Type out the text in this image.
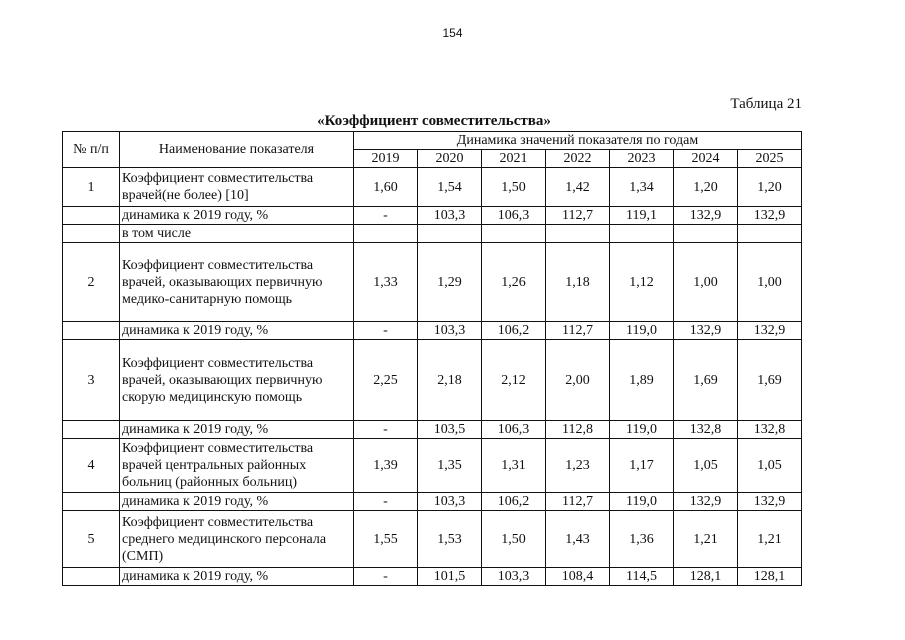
154
Таблица 21
«Коэффициент совместительства»
№ п/п	Наименование показателя	Динамика значений показателя по годам						
		2019	2020	2021	2022	2023	2024	2025
1	Коэффициент совместительства врачей(не более) [10]	1,60	1,54	1,50	1,42	1,34	1,20	1,20
	динамика к 2019 году, %	-	103,3	106,3	112,7	119,1	132,9	132,9
	в том числе							
2	Коэффициент совместительства врачей, оказывающих первичную медико-санитарную помощь	1,33	1,29	1,26	1,18	1,12	1,00	1,00
	динамика к 2019 году, %	-	103,3	106,2	112,7	119,0	132,9	132,9
3	Коэффициент совместительства врачей, оказывающих первичную скорую медицинскую помощь	2,25	2,18	2,12	2,00	1,89	1,69	1,69
	динамика к 2019 году, %	-	103,5	106,3	112,8	119,0	132,8	132,8
4	Коэффициент совместительства врачей центральных районных больниц (районных больниц)	1,39	1,35	1,31	1,23	1,17	1,05	1,05
	динамика к 2019 году, %	-	103,3	106,2	112,7	119,0	132,9	132,9
5	Коэффициент совместительства среднего медицинского персонала (СМП)	1,55	1,53	1,50	1,43	1,36	1,21	1,21
	динамика к 2019 году, %	-	101,5	103,3	108,4	114,5	128,1	128,1
